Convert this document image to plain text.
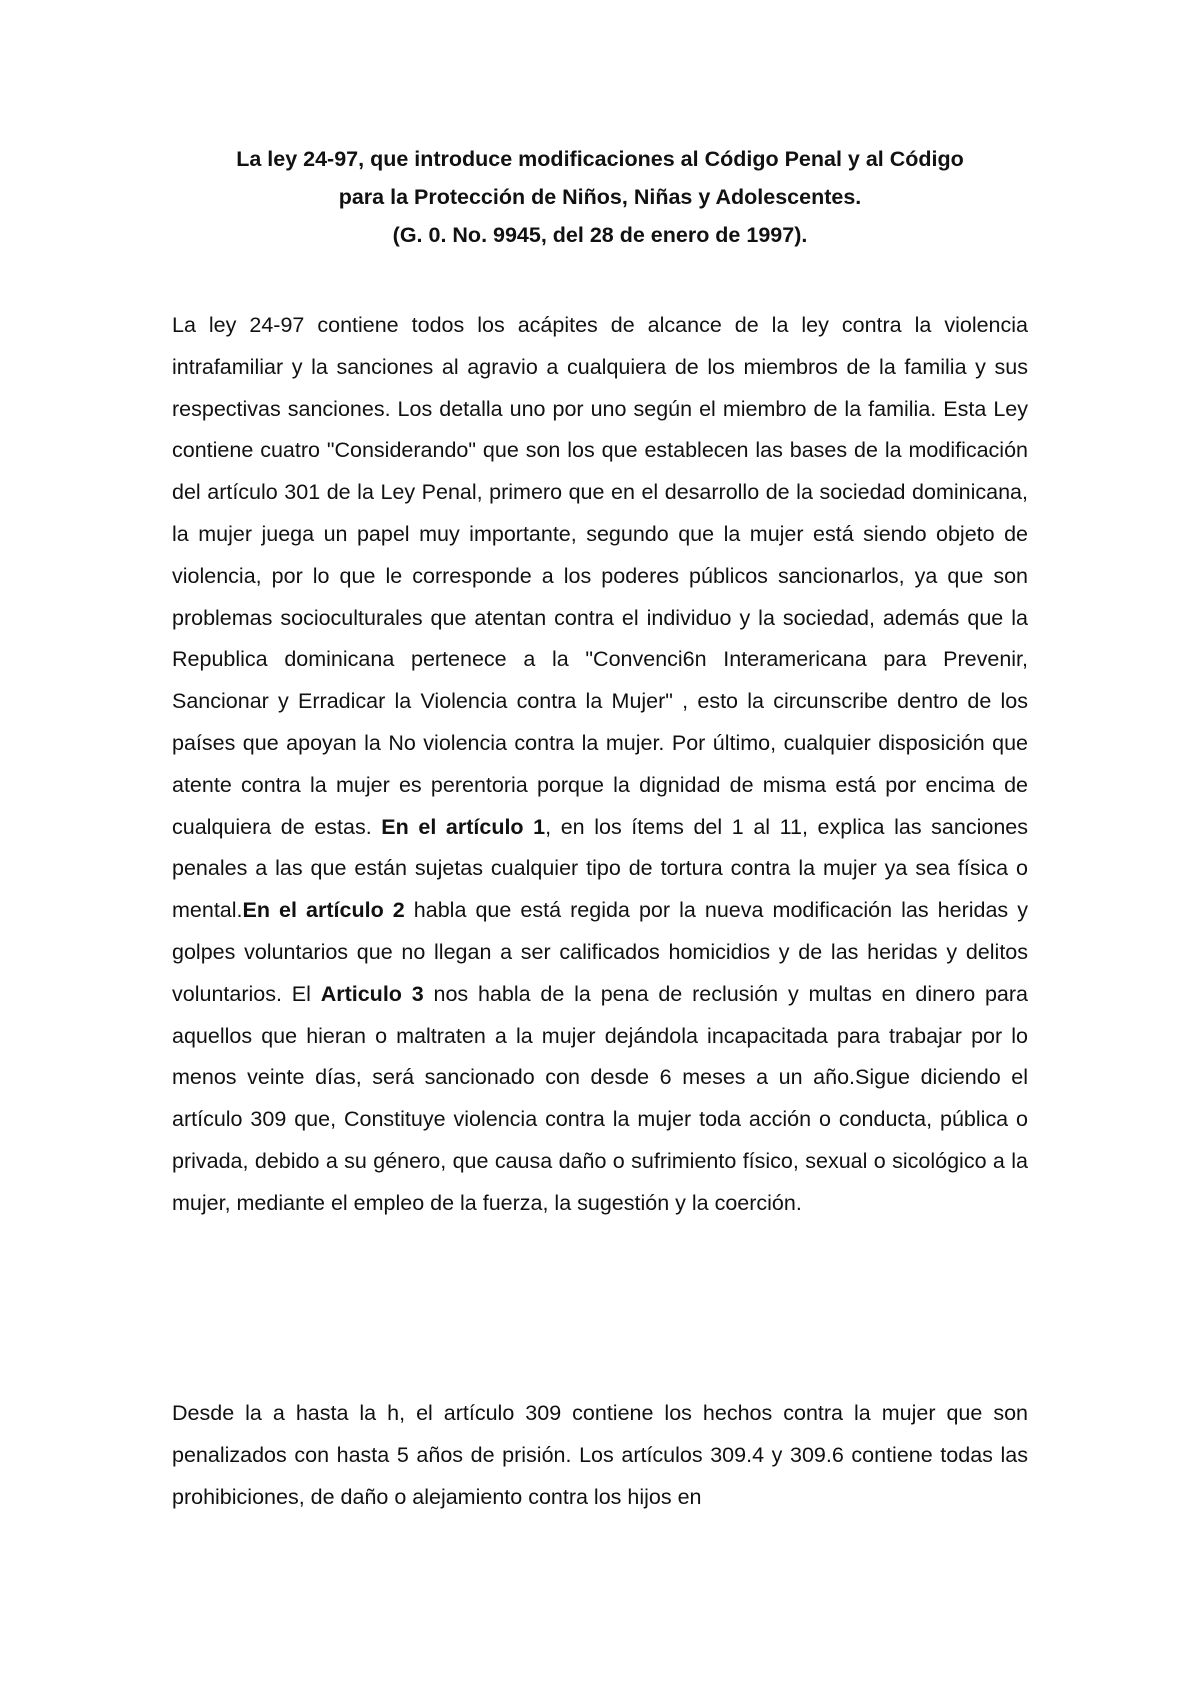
La ley 24-97, que introduce modificaciones al Código Penal y al Código
para la Protección de Niños, Niñas y Adolescentes.
(G. 0. No. 9945, del 28 de enero de 1997).

La ley 24-97 contiene todos los acápites de alcance de la ley contra la violencia intrafamiliar y la sanciones al agravio a cualquiera de los miembros de la familia y sus respectivas sanciones. Los detalla uno por uno según el miembro de la familia. Esta Ley contiene cuatro "Considerando" que son los que establecen las bases de la modificación del artículo 301 de la Ley Penal, primero que en el desarrollo de la sociedad dominicana, la mujer juega un papel muy importante, segundo que la mujer está siendo objeto de violencia, por lo que le corresponde a los poderes públicos sancionarlos, ya que son problemas socioculturales que atentan contra el individuo y la sociedad, además que la Republica dominicana pertenece a la "Convenci6n Interamericana para Prevenir, Sancionar y Erradicar la Violencia contra la Mujer" , esto la circunscribe dentro de los países que apoyan la No violencia contra la mujer. Por último, cualquier disposición que atente contra la mujer es perentoria porque la dignidad de misma está por encima de cualquiera de estas. En el artículo 1, en los ítems del 1 al 11, explica las sanciones penales a las que están sujetas cualquier tipo de tortura contra la mujer ya sea física o mental.En el artículo 2 habla que está regida por la nueva modificación las heridas y golpes voluntarios que no llegan a ser calificados homicidios y de las heridas y delitos voluntarios. El Articulo 3 nos habla de la pena de reclusión y multas en dinero para aquellos que hieran o maltraten a la mujer dejándola incapacitada para trabajar por lo menos veinte días, será sancionado con desde 6 meses a un año.Sigue diciendo el artículo 309 que, Constituye violencia contra la mujer toda acción o conducta, pública o privada, debido a su género, que causa daño o sufrimiento físico, sexual o sicológico a la mujer, mediante el empleo de la fuerza, la sugestión y la coerción.

Desde la a hasta la h, el artículo 309 contiene los hechos contra la mujer que son penalizados con hasta 5 años de prisión. Los artículos 309.4 y 309.6 contiene todas las prohibiciones, de daño o alejamiento contra los hijos en
